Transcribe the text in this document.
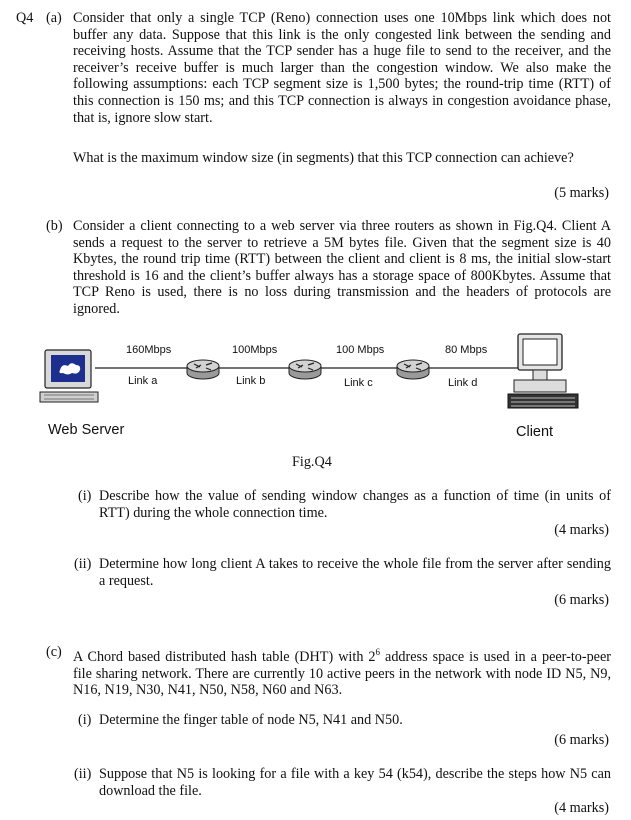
Q4 (a) Consider that only a single TCP (Reno) connection uses one 10Mbps link which does not buffer any data. Suppose that this link is the only congested link between the sending and receiving hosts. Assume that the TCP sender has a huge file to send to the receiver, and the receiver’s receive buffer is much larger than the congestion window. We also make the following assumptions: each TCP segment size is 1,500 bytes; the round-trip time (RTT) of this connection is 150 ms; and this TCP connection is always in congestion avoidance phase, that is, ignore slow start.
What is the maximum window size (in segments) that this TCP connection can achieve?
(5 marks)
(b) Consider a client connecting to a web server via three routers as shown in Fig.Q4. Client A sends a request to the server to retrieve a 5M bytes file. Given that the segment size is 40 Kbytes, the round trip time (RTT) between the client and client is 8 ms, the initial slow-start threshold is 16 and the client’s buffer always has a storage space of 800Kbytes. Assume that TCP Reno is used, there is no loss during transmission and the headers of protocols are ignored.
160Mbps	100Mbps	100 Mbps	80 Mbps
Link a	Link b	Link c	Link d
Web Server	Client
Fig.Q4
(i) Describe how the value of sending window changes as a function of time (in units of RTT) during the whole connection time.
(4 marks)
(ii) Determine how long client A takes to receive the whole file from the server after sending a request.
(6 marks)
(c) A Chord based distributed hash table (DHT) with $2^6$ address space is used in a peer-to-peer file sharing network. There are currently 10 active peers in the network with node ID N5, N9, N16, N19, N30, N41, N50, N58, N60 and N63.
(i) Determine the finger table of node N5, N41 and N50.
(6 marks)
(ii) Suppose that N5 is looking for a file with a key 54 (k54), describe the steps how N5 can download the file.
(4 marks)
